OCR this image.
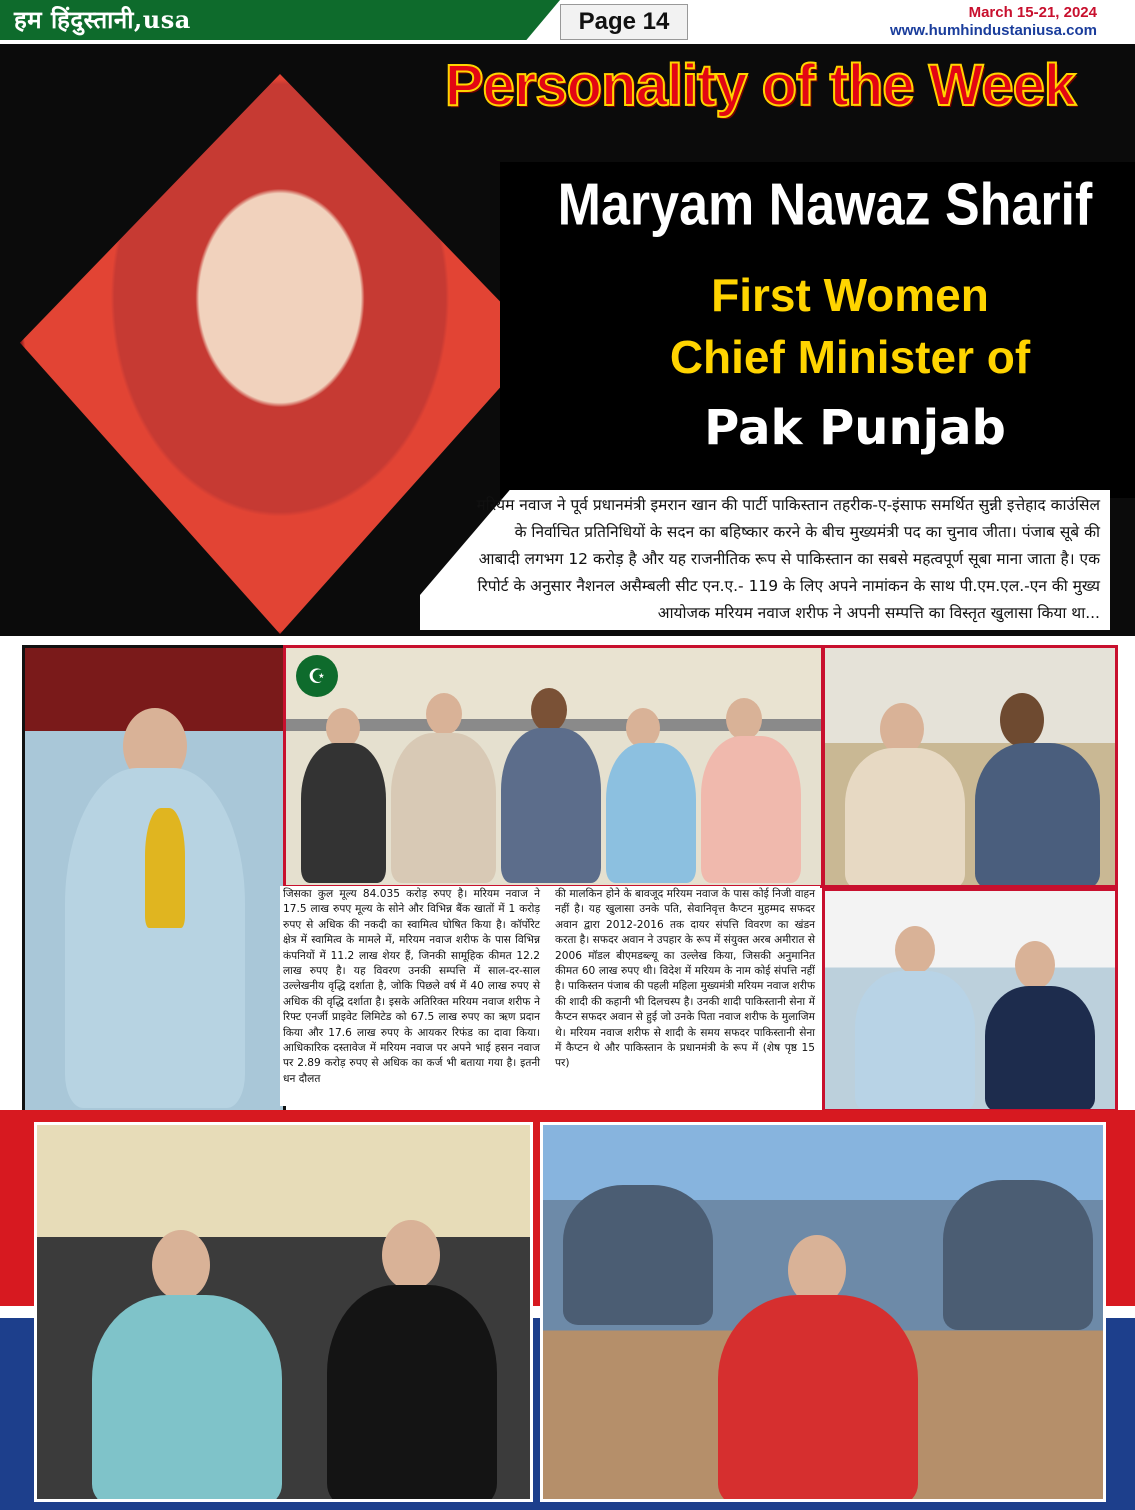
हम हिंदुस्तानी,usa	Page 14	March 15-21, 2024
www.humhindustaniusa.com
Personality of the Week
Maryam Nawaz Sharif
First Women
Chief Minister of
Pak Punjab
मरियम नवाज ने पूर्व प्रधानमंत्री इमरान खान की पार्टी पाकिस्तान तहरीक-ए-इंसाफ समर्थित सुन्नी इत्तेहाद काउंसिल के निर्वाचित प्रतिनिधियों के सदन का बहिष्कार करने के बीच मुख्यमंत्री पद का चुनाव जीता। पंजाब सूबे की आबादी लगभग 12 करोड़ है और यह राजनीतिक रूप से पाकिस्तान का सबसे महत्वपूर्ण सूबा माना जाता है। एक रिपोर्ट के अनुसार नैशनल असैम्बली सीट एन.ए.- 119 के लिए अपने नामांकन के साथ पी.एम.एल.-एन की मुख्य आयोजक मरियम नवाज शरीफ ने अपनी सम्पत्ति का विस्तृत खुलासा किया था...
☪
जिसका कुल मूल्य 84.035 करोड़ रुपए है। मरियम नवाज ने 17.5 लाख रुपए मूल्य के सोने और विभिन्न बैंक खातों में 1 करोड़ रुपए से अधिक की नकदी का स्वामित्व घोषित किया है। कॉर्पोरेट क्षेत्र में स्वामित्व के मामले में, मरियम नवाज शरीफ के पास विभिन्न कंपनियों में 11.2 लाख शेयर हैं, जिनकी सामूहिक कीमत 12.2 लाख रुपए है। यह विवरण उनकी सम्पत्ति में साल-दर-साल उल्लेखनीय वृद्धि दर्शाता है, जोकि पिछले वर्ष में 40 लाख रुपए से अधिक की वृद्धि दर्शाता है। इसके अतिरिक्त मरियम नवाज शरीफ ने रिफ्ट एनर्जी प्राइवेट लिमिटेड को 67.5 लाख रुपए का ऋण प्रदान किया और 17.6 लाख रुपए के आयकर रिफंड का दावा किया। आधिकारिक दस्तावेज में मरियम नवाज पर अपने भाई हसन नवाज पर 2.89 करोड़ रुपए से अधिक का कर्ज भी बताया गया है। इतनी धन दौलत
की मालकिन होने के बावजूद मरियम नवाज के पास कोई निजी वाहन नहीं है। यह खुलासा उनके पति, सेवानिवृत्त कैप्टन मुहम्मद सफदर अवान द्वारा 2012-2016 तक दायर संपत्ति विवरण का खंडन करता है। सफदर अवान ने उपहार के रूप में संयुक्त अरब अमीरात से 2006 मॉडल बीएमडब्ल्यू का उल्लेख किया, जिसकी अनुमानित कीमत 60 लाख रुपए थी। विदेश में मरियम के नाम कोई संपत्ति नहीं है। पाकिस्तन पंजाब की पहली महिला मुख्यमंत्री मरियम नवाज शरीफ की शादी की कहानी भी दिलचस्प है। उनकी शादी पाकिस्तानी सेना में कैप्टन सफदर अवान से हुई जो उनके पिता नवाज शरीफ के मुलाजिम थे। मरियम नवाज शरीफ से शादी के समय सफदर पाकिस्तानी सेना में कैप्टन थे और पाकिस्तान के प्रधानमंत्री के रूप में (शेष पृष्ठ 15 पर)
